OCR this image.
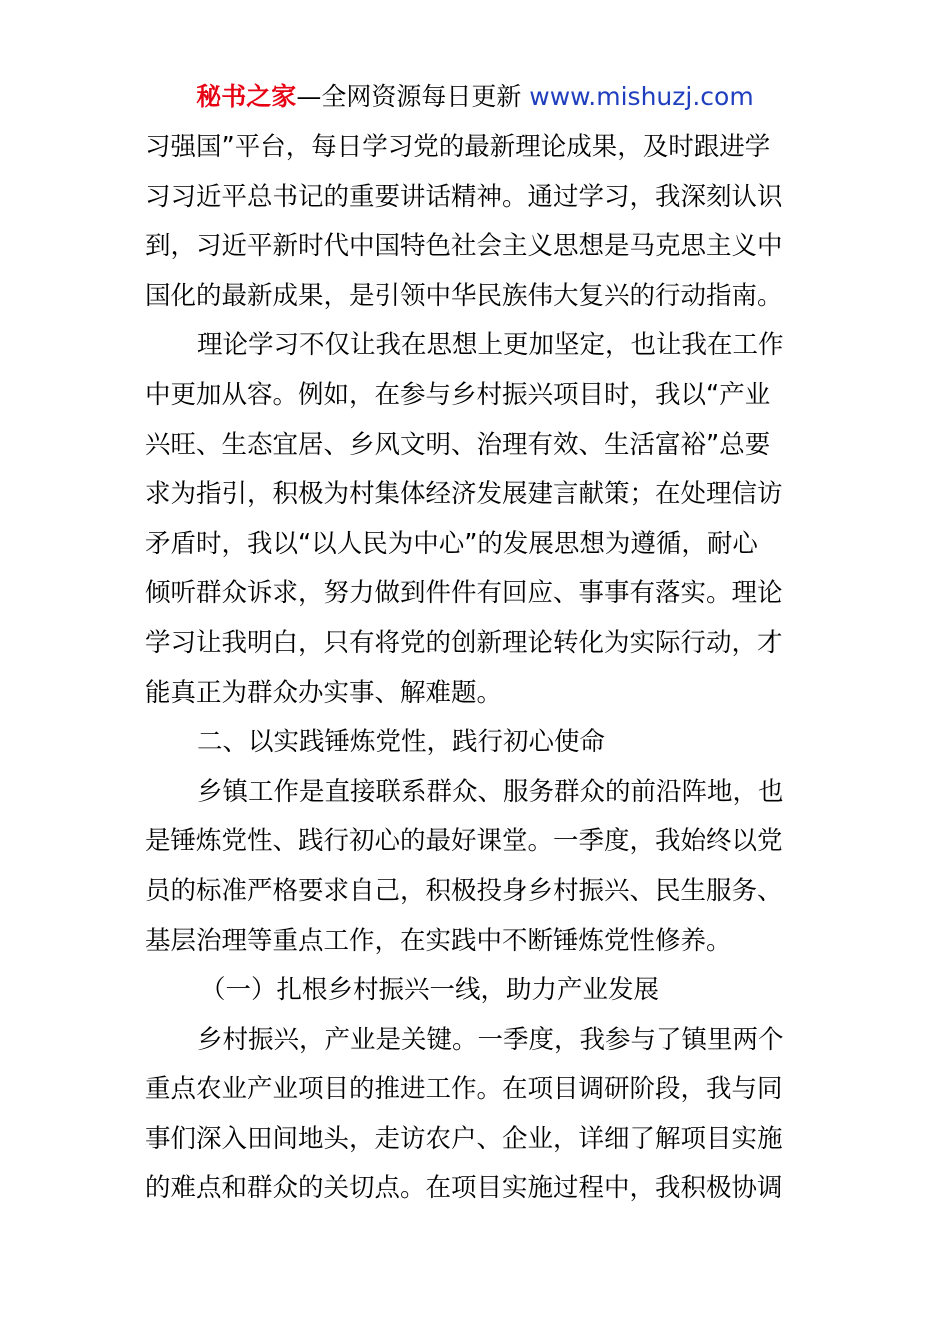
秘书之家—全网资源每日更新 www.mishuzj.com
习强国”平台，每日学习党的最新理论成果，及时跟进学
习习近平总书记的重要讲话精神。通过学习，我深刻认识
到，习近平新时代中国特色社会主义思想是马克思主义中
国化的最新成果，是引领中华民族伟大复兴的行动指南。
理论学习不仅让我在思想上更加坚定，也让我在工作
中更加从容。例如，在参与乡村振兴项目时，我以“产业
兴旺、生态宜居、乡风文明、治理有效、生活富裕”总要
求为指引，积极为村集体经济发展建言献策；在处理信访
矛盾时，我以“以人民为中心”的发展思想为遵循，耐心
倾听群众诉求，努力做到件件有回应、事事有落实。理论
学习让我明白，只有将党的创新理论转化为实际行动，才
能真正为群众办实事、解难题。
二、以实践锤炼党性，践行初心使命
乡镇工作是直接联系群众、服务群众的前沿阵地，也
是锤炼党性、践行初心的最好课堂。一季度，我始终以党
员的标准严格要求自己，积极投身乡村振兴、民生服务、
基层治理等重点工作，在实践中不断锤炼党性修养。
（一）扎根乡村振兴一线，助力产业发展
乡村振兴，产业是关键。一季度，我参与了镇里两个
重点农业产业项目的推进工作。在项目调研阶段，我与同
事们深入田间地头，走访农户、企业，详细了解项目实施
的难点和群众的关切点。在项目实施过程中，我积极协调
